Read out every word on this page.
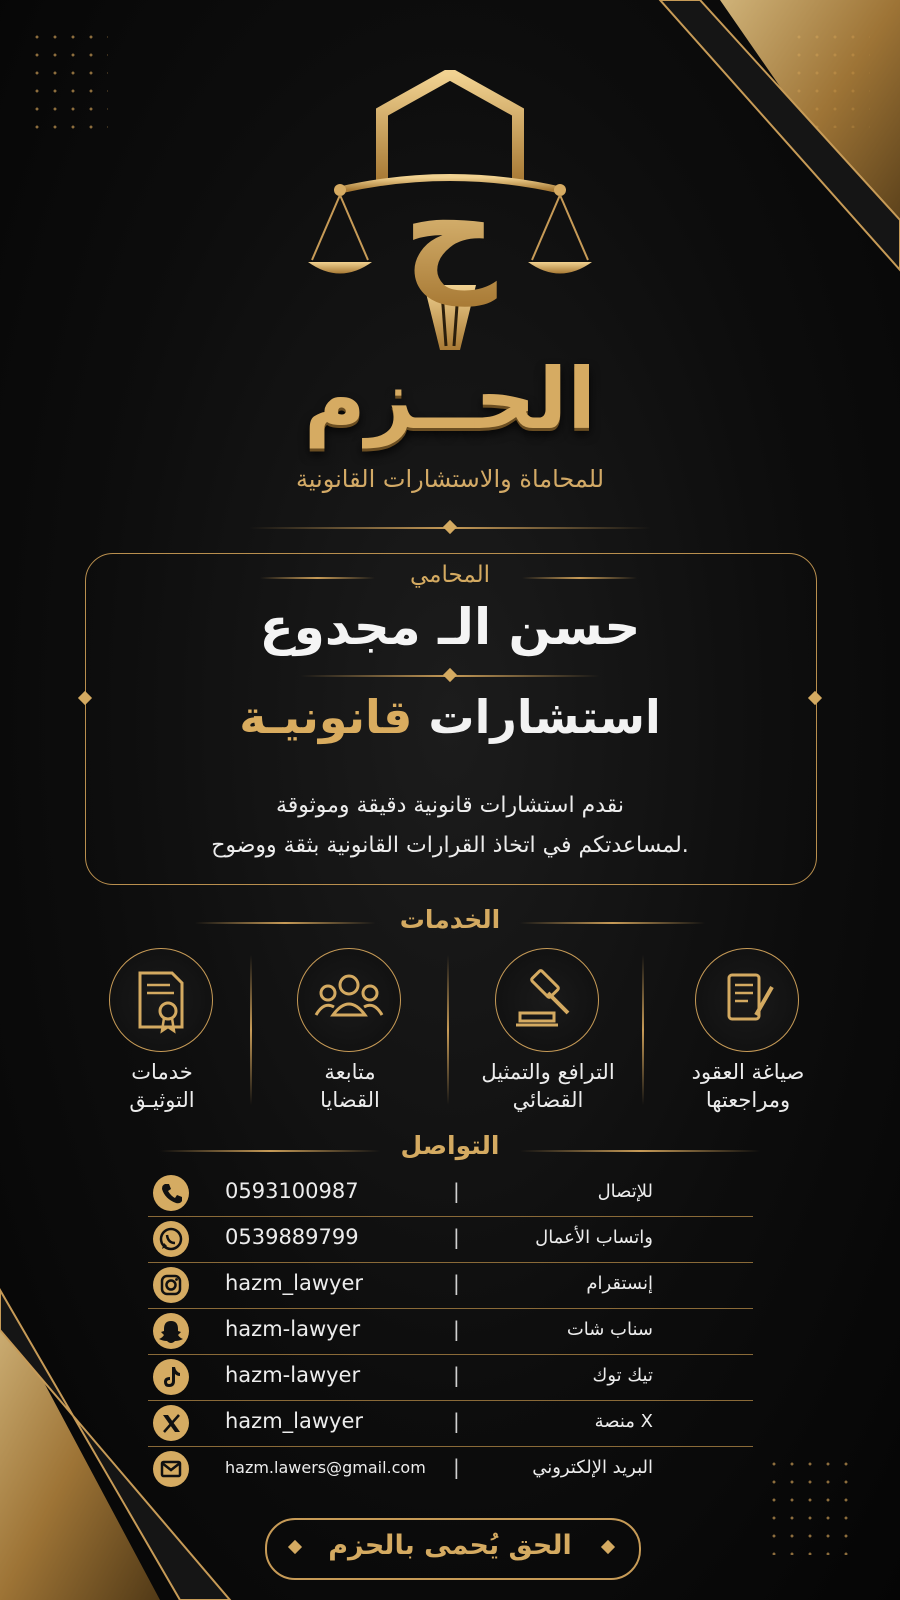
ح
الحــزم
للمحاماة والاستشارات القانونية
المحامي
حسن الـ مجدوع
استشارات قانونيـة
نقدم استشارات قانونية دقيقة وموثوقة
لمساعدتكم في اتخاذ القرارات القانونية بثقة ووضوح.
الخدمات
صياغة العقود
ومراجعتها
الترافع والتمثيل
القضائي
متابعة
القضايا
خدمات
التوثيـق
التواصل
0593100987	|	للإتصال
0539889799	|	واتساب الأعمال
hazm_lawyer	|	إنستقرام
hazm-lawyer	|	سناب شات
hazm-lawyer	|	تيك توك
hazm_lawyer	|	منصة X
hazm.lawers@gmail.com |	البريد الإلكتروني
الحق يُحمى بالحزم
